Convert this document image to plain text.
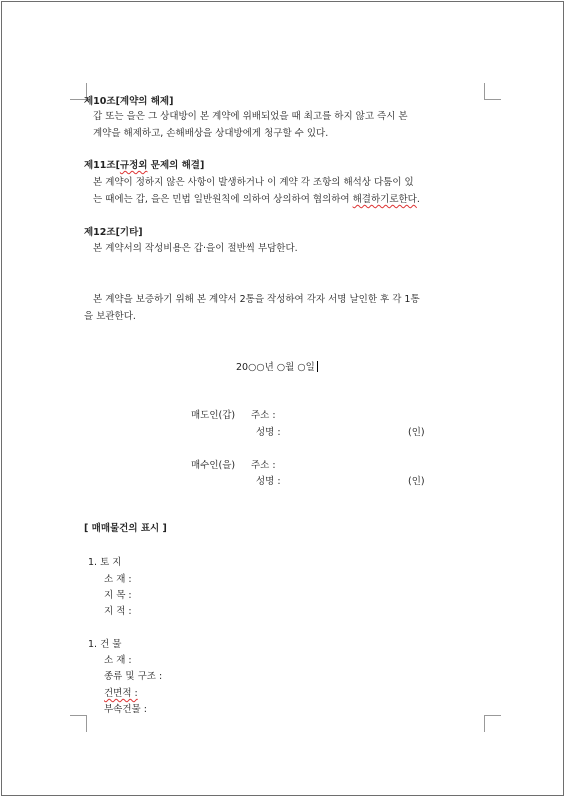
제10조[계약의 해제]
갑 또는 을은 그 상대방이 본 계약에 위배되었을 때 최고를 하지 않고 즉시 본
계약을 해제하고, 손해배상을 상대방에게 청구할 수 있다.
제11조[규정외 문제의 해결]
본 계약이 정하지 않은 사항이 발생하거나 이 계약 각 조항의 해석상 다툼이 있
는 때에는 갑, 을은 민법 일반원칙에 의하여 상의하여 협의하여 해결하기로한다.
제12조[기타]
본 계약서의 작성비용은 갑·을이 절반씩 부담한다.
본 계약을 보증하기 위해 본 계약서 2통을 작성하여 각자 서명 날인한 후 각 1통
을 보관한다.
20○○년 ○월 ○일
매도인(갑) 주소 :
성명 :	(인)
매수인(을) 주소 :
성명 :	(인)
[ 매매물건의 표시 ]
1. 토 지
소 재 :
지 목 :
지 적 :
1. 건 물
소 재 :
종류 및 구조 :
건면적 :
부속건물 :
